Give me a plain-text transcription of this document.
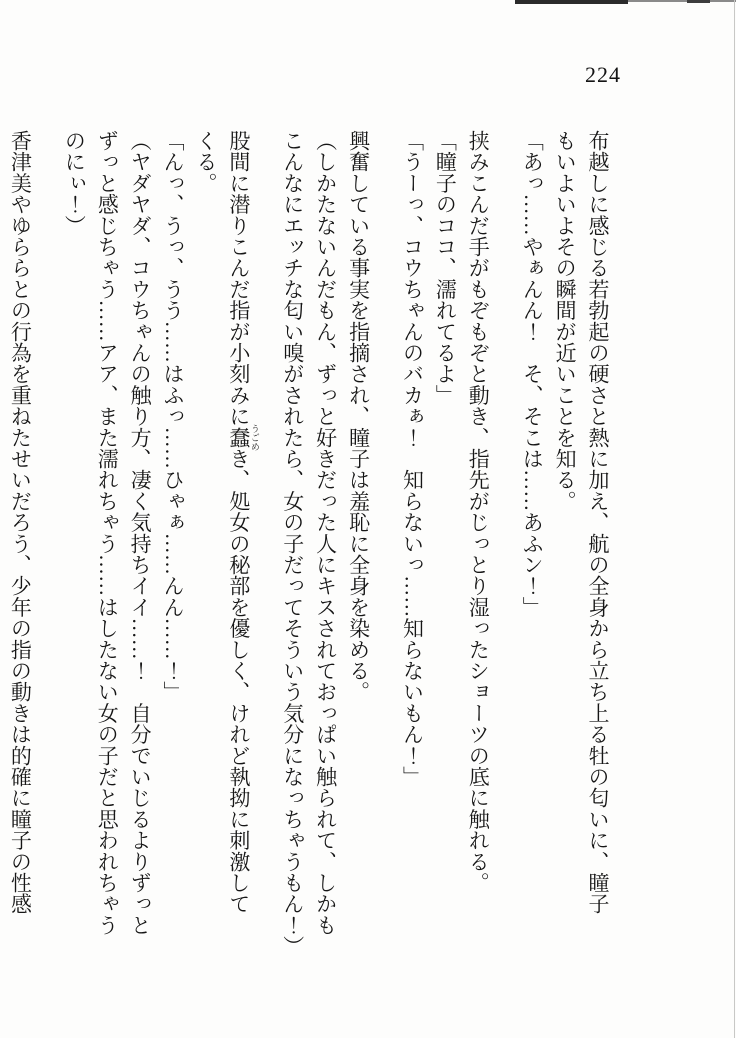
224
布越しに感じる若勃起の硬さと熱に加え、航の全身から立ち上る牡の匂いに、瞳子
もいよいよその瞬間が近いことを知る。
「あっ……やぁんん！　そ、そこは……あふン！」
挟みこんだ手がもぞもぞと動き、指先がじっとり湿ったショーツの底に触れる。
「瞳子のココ、濡れてるよ」
「うーっ、コウちゃんのバカぁ！　知らないっ……知らないもん！」
興奮している事実を指摘され、瞳子は羞恥に全身を染める。
（しかたないんだもん、ずっと好きだった人にキスされておっぱい触られて、しかも
こんなにエッチな匂い嗅がされたら、女の子だってそういう気分になっちゃうもん！）
股間に潜りこんだ指が小刻みに蠢 うごめき、処女の秘部を優しく、けれど執拗に刺激して
くる。
「んっ、うっ、うう……はふっ……ひゃぁ……んん……！」
（ヤダヤダ、コウちゃんの触り方、凄く気持ちイイ……！　自分でいじるよりずっと
ずっと感じちゃう……アア、また濡れちゃう……はしたない女の子だと思われちゃう
のにぃ！）
香津美やゆららとの行為を重ねたせいだろう、少年の指の動きは的確に瞳子の性感
